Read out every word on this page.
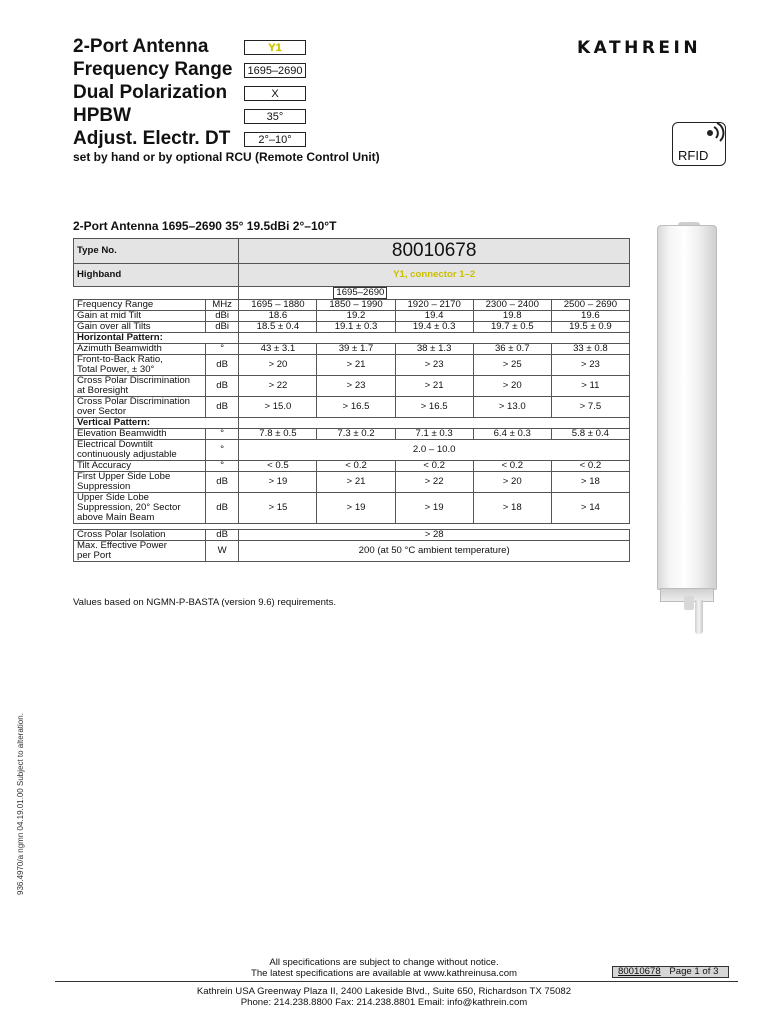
2-Port Antenna	Y1
Frequency Range	1695–2690
Dual Polarization	X
HPBW	35°
Adjust. Electr. DT	2°–10°
set by hand or by optional RCU (Remote Control Unit)
KATHREIN
RFID
2-Port Antenna 1695–2690 35° 19.5dBi 2°–10°T
Type No.		80010678				
Highband		Y1, connector 1–2				
		1695–2690				
Frequency Range	MHz	1695 – 1880	1850 – 1990	1920 – 2170	2300 – 2400	2500 – 2690
Gain at mid Tilt	dBi	18.6	19.2	19.4	19.8	19.6
Gain over all Tilts	dBi	18.5 ± 0.4	19.1 ± 0.3	19.4 ± 0.3	19.7 ± 0.5	19.5 ± 0.9
Horizontal Pattern:						
Azimuth Beamwidth	°	43 ± 3.1	39 ± 1.7	38 ± 1.3	36 ± 0.7	33 ± 0.8
Front-to-Back Ratio,
Total Power, ± 30°	dB	> 20	> 21	> 23	> 25	> 23
Cross Polar Discrimination
at Boresight	dB	> 22	> 23	> 21	> 20	> 11
Cross Polar Discrimination
over Sector	dB	> 15.0	> 16.5	> 16.5	> 13.0	> 7.5
Vertical Pattern:						
Elevation Beamwidth	°	7.8 ± 0.5	7.3 ± 0.2	7.1 ± 0.3	6.4 ± 0.3	5.8 ± 0.4
Electrical Downtilt
continuously adjustable	°	2.0 – 10.0				
Tilt Accuracy	°	< 0.5	< 0.2	< 0.2	< 0.2	< 0.2
First Upper Side Lobe
Suppression	dB	> 19	> 21	> 22	> 20	> 18
Upper Side Lobe
Suppression, 20° Sector
above Main Beam	dB	> 15	> 19	> 19	> 18	> 14

Cross Polar Isolation	dB	> 28				
Max. Effective Power
per Port	W	200 (at 50 °C ambient temperature)				
Values based on NGMN-P-BASTA (version 9.6) requirements.
936.4970/a ngmn 04.19.01.00 Subject to alteration.
All specifications are subject to change without notice.
The latest specifications are available at www.kathreinusa.com	80010678 Page 1 of 3
Kathrein USA Greenway Plaza II, 2400 Lakeside Blvd., Suite 650, Richardson TX 75082
Phone: 214.238.8800 Fax: 214.238.8801 Email: info@kathrein.com
